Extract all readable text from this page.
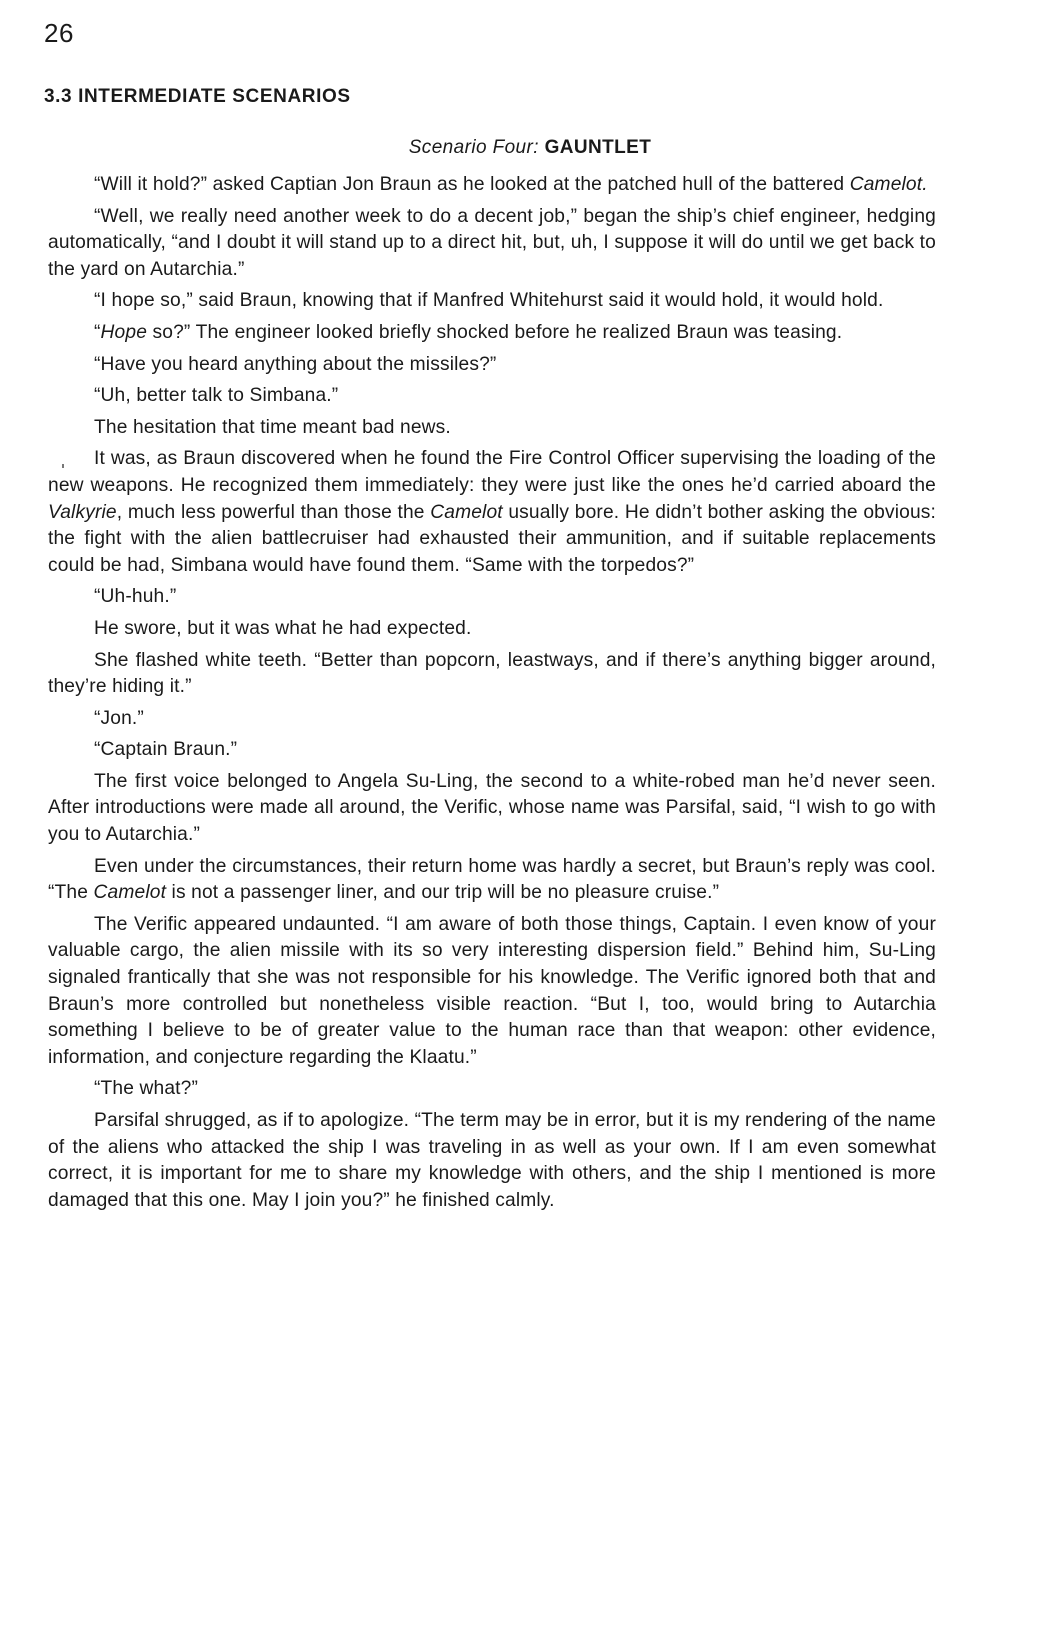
26
3.3 INTERMEDIATE SCENARIOS
Scenario Four: GAUNTLET

“Will it hold?” asked Captian Jon Braun as he looked at the patched hull of the battered Camelot.

“Well, we really need another week to do a decent job,” began the ship’s chief engineer, hedging automatically, “and I doubt it will stand up to a direct hit, but, uh, I suppose it will do until we get back to the yard on Autarchia.”

“I hope so,” said Braun, knowing that if Manfred Whitehurst said it would hold, it would hold.

“Hope so?” The engineer looked briefly shocked before he realized Braun was teasing.

“Have you heard anything about the missiles?”

“Uh, better talk to Simbana.”

The hesitation that time meant bad news.

It was, as Braun discovered when he found the Fire Control Officer supervising the loading of the new weapons. He recognized them immediately: they were just like the ones he’d carried aboard the Valkyrie, much less powerful than those the Camelot usually bore. He didn’t bother asking the obvious: the fight with the alien battlecruiser had exhausted their ammunition, and if suitable replacements could be had, Simbana would have found them. “Same with the torpedos?”

“Uh-huh.”

He swore, but it was what he had expected.

She flashed white teeth. “Better than popcorn, leastways, and if there’s anything bigger around, they’re hiding it.”

“Jon.”

“Captain Braun.”

The first voice belonged to Angela Su-Ling, the second to a white-robed man he’d never seen. After introductions were made all around, the Verific, whose name was Parsifal, said, “I wish to go with you to Autarchia.”

Even under the circumstances, their return home was hardly a secret, but Braun’s reply was cool. “The Camelot is not a passenger liner, and our trip will be no pleasure cruise.”

The Verific appeared undaunted. “I am aware of both those things, Captain. I even know of your valuable cargo, the alien missile with its so very interesting dispersion field.” Behind him, Su-Ling signaled frantically that she was not responsible for his knowledge. The Verific ignored both that and Braun’s more controlled but nonetheless visible reaction. “But I, too, would bring to Autarchia something I believe to be of greater value to the human race than that weapon: other evidence, information, and conjecture regarding the Klaatu.”

“The what?”

Parsifal shrugged, as if to apologize. “The term may be in error, but it is my rendering of the name of the aliens who attacked the ship I was traveling in as well as your own. If I am even somewhat correct, it is important for me to share my knowledge with others, and the ship I mentioned is more damaged that this one. May I join you?” he finished calmly.
